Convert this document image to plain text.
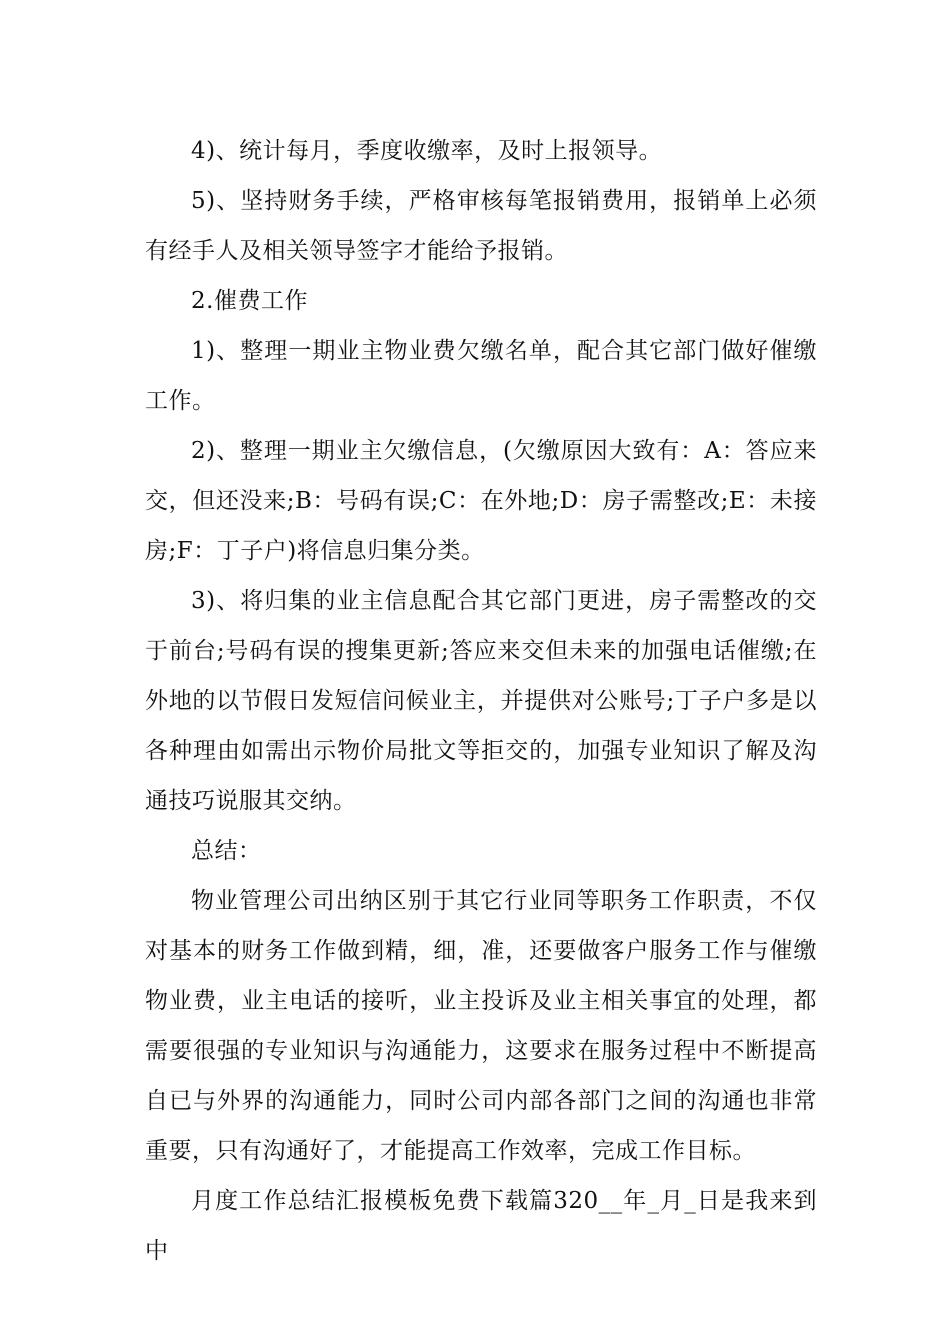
4)、统计每月，季度收缴率，及时上报领导。

5)、坚持财务手续，严格审核每笔报销费用，报销单上必须有经手人及相关领导签字才能给予报销。

2.催费工作

1)、整理一期业主物业费欠缴名单，配合其它部门做好催缴工作。

2)、整理一期业主欠缴信息，(欠缴原因大致有：A：答应来交，但还没来;B：号码有误;C：在外地;D：房子需整改;E：未接房;F：丁子户)将信息归集分类。

3)、将归集的业主信息配合其它部门更进，房子需整改的交于前台;号码有误的搜集更新;答应来交但未来的加强电话催缴;在外地的以节假日发短信问候业主，并提供对公账号;丁子户多是以各种理由如需出示物价局批文等拒交的，加强专业知识了解及沟通技巧说服其交纳。

总结：

物业管理公司出纳区别于其它行业同等职务工作职责，不仅对基本的财务工作做到精，细，准，还要做客户服务工作与催缴物业费，业主电话的接听，业主投诉及业主相关事宜的处理，都需要很强的专业知识与沟通能力，这要求在服务过程中不断提高自已与外界的沟通能力，同时公司内部各部门之间的沟通也非常重要，只有沟通好了，才能提高工作效率，完成工作目标。

月度工作总结汇报模板免费下载篇320__年_月_日是我来到中
